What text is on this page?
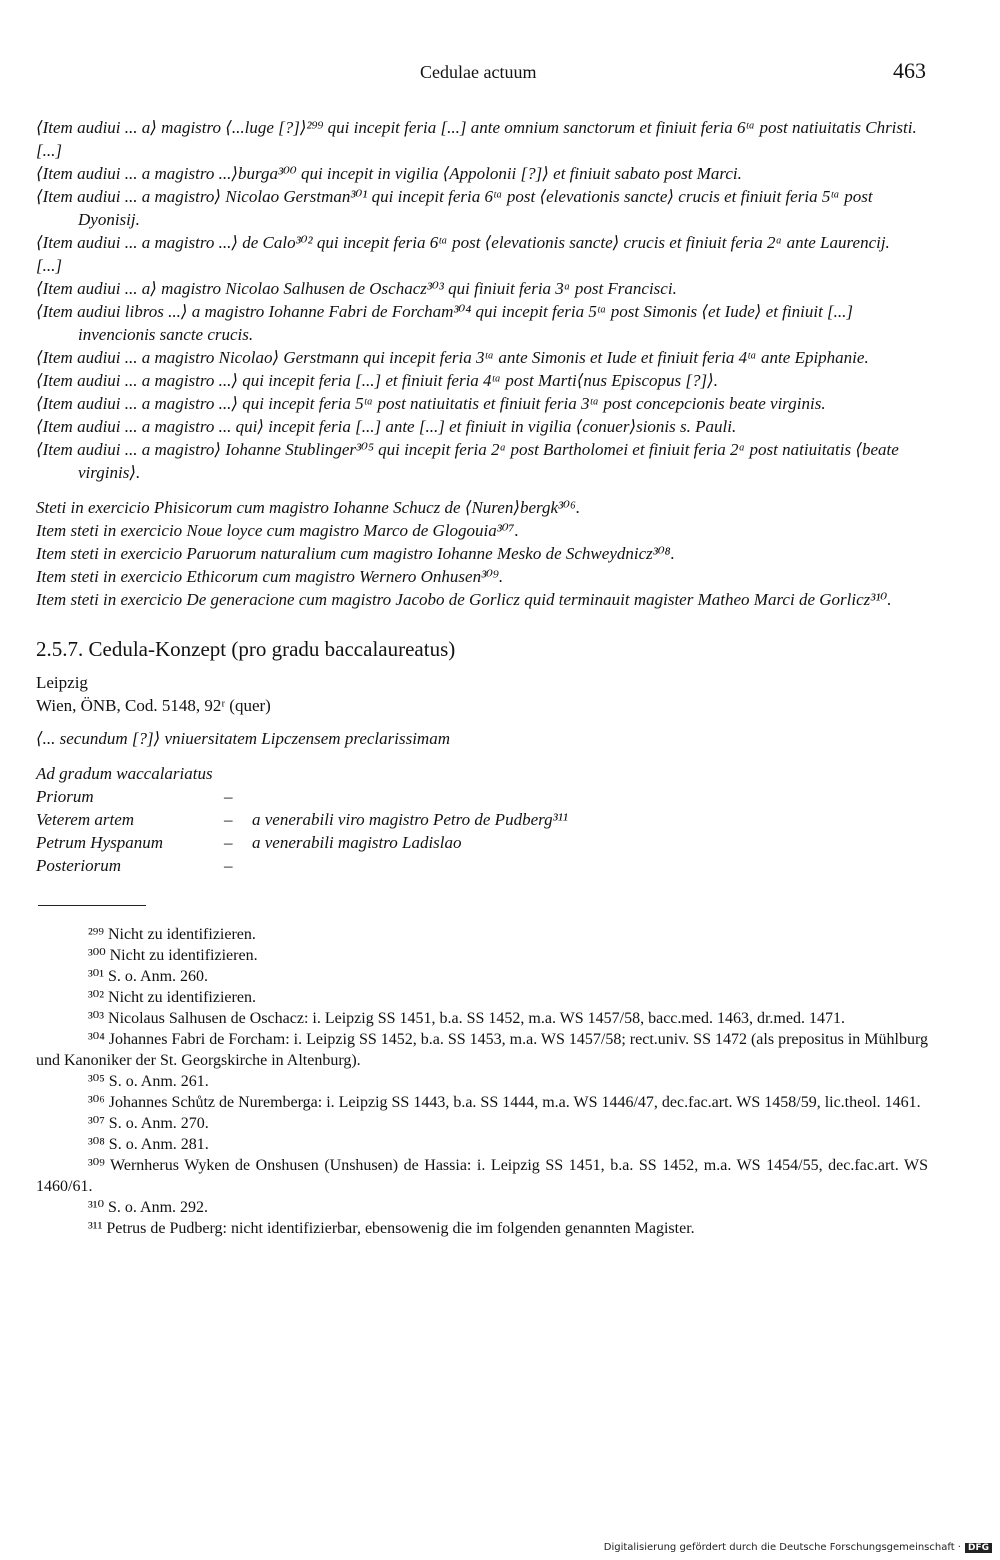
Cedulae actuum	463
⟨Item audiui ... a⟩ magistro ⟨...luge [?]⟩²⁹⁹ qui incepit feria [...] ante omnium sanctorum et finiuit feria 6ᵗᵃ post natiuitatis Christi.
[...]
⟨Item audiui ... a magistro ...⟩burga³⁰⁰ qui incepit in vigilia ⟨Appolonii [?]⟩ et finiuit sabato post Marci.
⟨Item audiui ... a magistro⟩ Nicolao Gerstman³⁰¹ qui incepit feria 6ᵗᵃ post ⟨elevationis sancte⟩ crucis et finiuit feria 5ᵗᵃ post Dyonisij.
⟨Item audiui ... a magistro ...⟩ de Calo³⁰² qui incepit feria 6ᵗᵃ post ⟨elevationis sancte⟩ crucis et finiuit feria 2ᵃ ante Laurencij.
[...]
⟨Item audiui ... a⟩ magistro Nicolao Salhusen de Oschacz³⁰³ qui finiuit feria 3ᵃ post Francisci.
⟨Item audiui libros ...⟩ a magistro Iohanne Fabri de Forcham³⁰⁴ qui incepit feria 5ᵗᵃ post Simonis ⟨et Iude⟩ et finiuit [...] invencionis sancte crucis.
⟨Item audiui ... a magistro Nicolao⟩ Gerstmann qui incepit feria 3ᵗᵃ ante Simonis et Iude et finiuit feria 4ᵗᵃ ante Epiphanie.
⟨Item audiui ... a magistro ...⟩ qui incepit feria [...] et finiuit feria 4ᵗᵃ post Marti⟨nus Episcopus [?]⟩.
⟨Item audiui ... a magistro ...⟩ qui incepit feria 5ᵗᵃ post natiuitatis et finiuit feria 3ᵗᵃ post concepcionis beate virginis.
⟨Item audiui ... a magistro ... qui⟩ incepit feria [...] ante [...] et finiuit in vigilia ⟨conuer⟩sionis s. Pauli.
⟨Item audiui ... a magistro⟩ Iohanne Stublinger³⁰⁵ qui incepit feria 2ᵃ post Bartholomei et finiuit feria 2ᵃ post natiuitatis ⟨beate virginis⟩.
Steti in exercicio Phisicorum cum magistro Iohanne Schucz de ⟨Nuren⟩bergk³⁰⁶.
Item steti in exercicio Noue loyce cum magistro Marco de Glogouia³⁰⁷.
Item steti in exercicio Paruorum naturalium cum magistro Iohanne Mesko de Schweydnicz³⁰⁸.
Item steti in exercicio Ethicorum cum magistro Wernero Onhusen³⁰⁹.
Item steti in exercicio De generacione cum magistro Jacobo de Gorlicz quid terminauit magister Matheo Marci de Gorlicz³¹⁰.
2.5.7. Cedula-Konzept (pro gradu baccalaureatus)
Leipzig
Wien, ÖNB, Cod. 5148, 92ʳ (quer)
⟨... secundum [?]⟩ vniuersitatem Lipczensem preclarissimam
Ad gradum waccalariatus
Priorum	–
Veterem artem	–	a venerabili viro magistro Petro de Pudberg³¹¹
Petrum Hyspanum	–	a venerabili magistro Ladislao
Posteriorum	–
²⁹⁹ Nicht zu identifizieren.
³⁰⁰ Nicht zu identifizieren.
³⁰¹ S. o. Anm. 260.
³⁰² Nicht zu identifizieren.
³⁰³ Nicolaus Salhusen de Oschacz: i. Leipzig SS 1451, b.a. SS 1452, m.a. WS 1457/58, bacc.med. 1463, dr.med. 1471.
³⁰⁴ Johannes Fabri de Forcham: i. Leipzig SS 1452, b.a. SS 1453, m.a. WS 1457/58; rect.univ. SS 1472 (als prepositus in Mühlburg und Kanoniker der St. Georgskirche in Altenburg).
³⁰⁵ S. o. Anm. 261.
³⁰⁶ Johannes Schůtz de Nuremberga: i. Leipzig SS 1443, b.a. SS 1444, m.a. WS 1446/47, dec.fac.art. WS 1458/59, lic.theol. 1461.
³⁰⁷ S. o. Anm. 270.
³⁰⁸ S. o. Anm. 281.
³⁰⁹ Wernherus Wyken de Onshusen (Unshusen) de Hassia: i. Leipzig SS 1451, b.a. SS 1452, m.a. WS 1454/55, dec.fac.art. WS 1460/61.
³¹⁰ S. o. Anm. 292.
³¹¹ Petrus de Pudberg: nicht identifizierbar, ebensowenig die im folgenden genannten Magister.
Digitalisierung gefördert durch die Deutsche Forschungsgemeinschaft · DFG
